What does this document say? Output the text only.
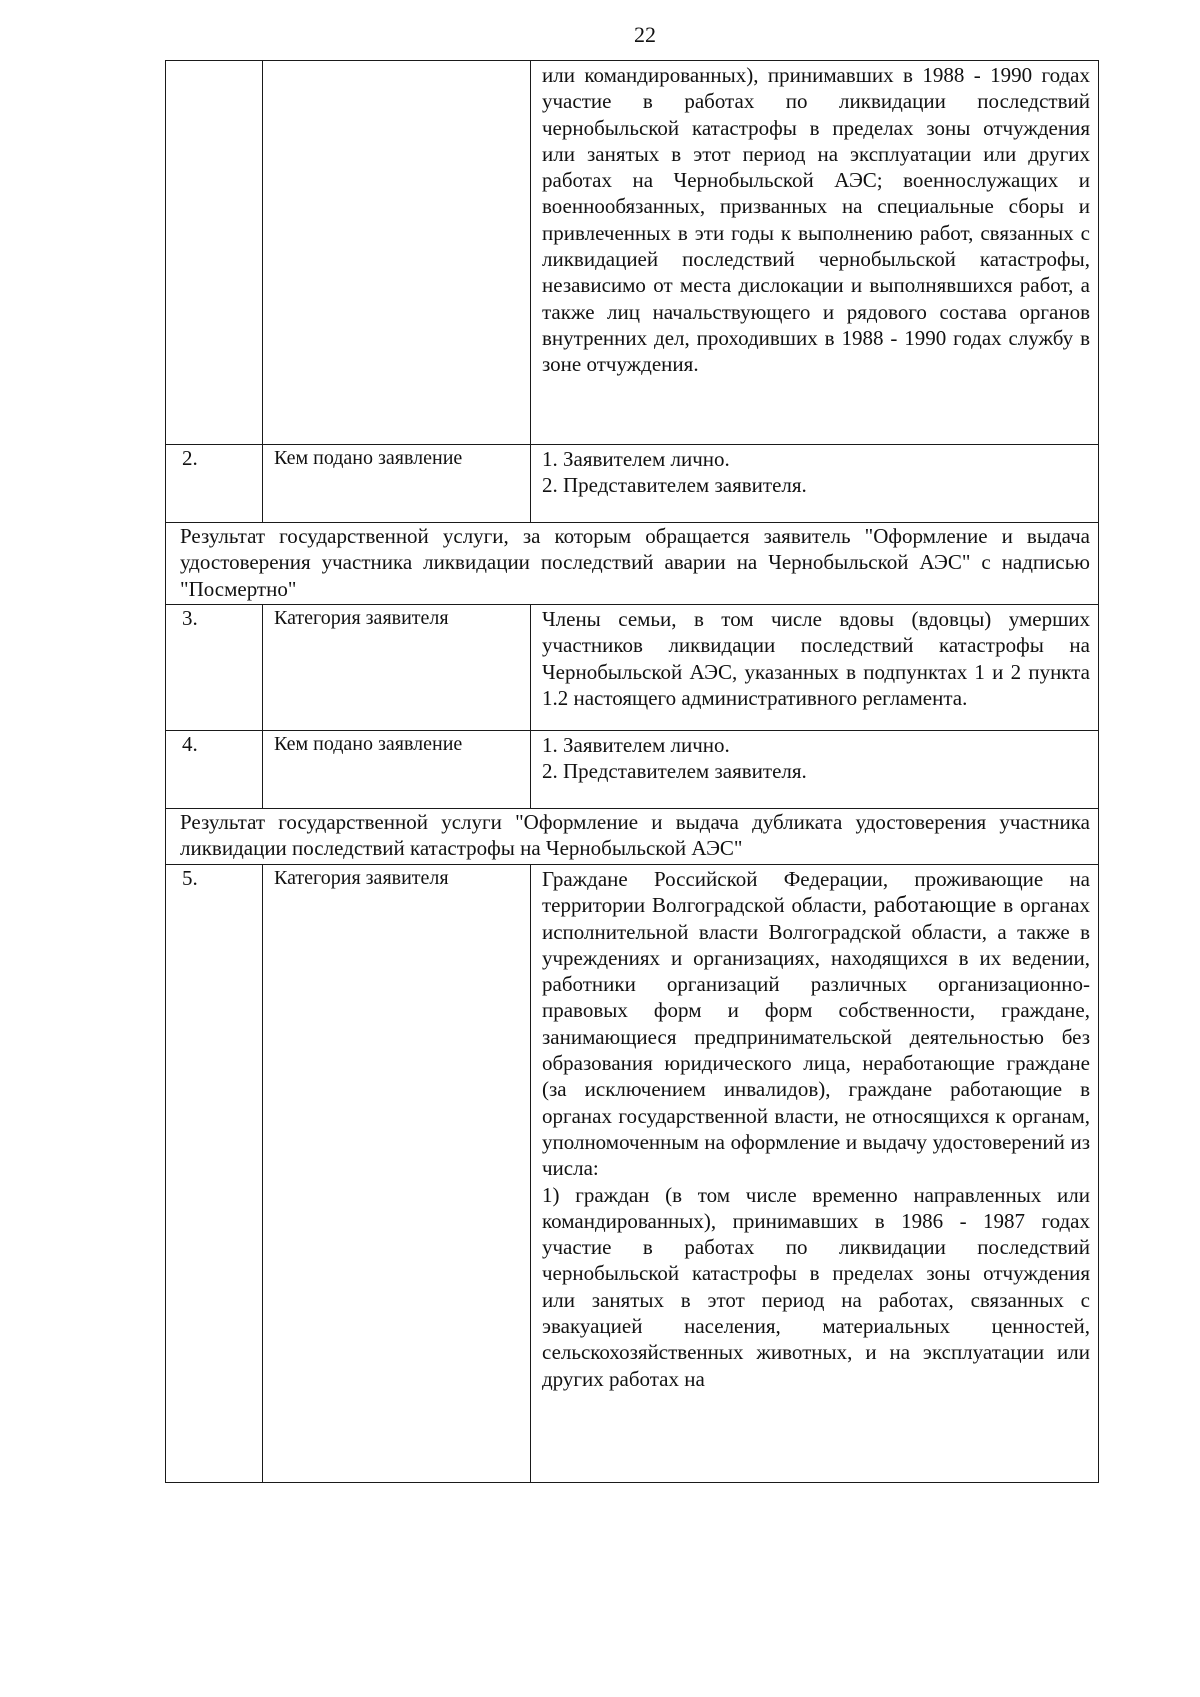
22
		или командированных), принимавших в 1988 - 1990 годах участие в работах по ликвидации последствий чернобыльской катастрофы в пределах зоны отчуждения или занятых в этот период на эксплуатации или других работах на Чернобыльской АЭС; военнослужащих и военнообязанных, призванных на специальные сборы и привлеченных в эти годы к выполнению работ, связанных с ликвидацией последствий чернобыльской катастрофы, независимо от места дислокации и выполнявшихся работ, а также лиц начальствующего и рядового состава органов внутренних дел, проходивших в 1988 - 1990 годах службу в зоне отчуждения.
2.	Кем подано заявление	1. Заявителем лично.
2. Представителем заявителя.

Результат государственной услуги, за которым обращается заявитель "Оформление и выдача удостоверения участника ликвидации последствий аварии на Чернобыльской АЭС" с надписью "Посмертно"		
3.	Категория заявителя	Члены семьи, в том числе вдовы (вдовцы) умерших участников ликвидации последствий катастрофы на Чернобыльской АЭС, указанных в подпунктах 1 и 2 пункта 1.2 настоящего административного регламента.
4.	Кем подано заявление	1. Заявителем лично.
2. Представителем заявителя.

Результат государственной услуги "Оформление и выдача дубликата удостоверения участника ликвидации последствий катастрофы на Чернобыльской АЭС"		
5.	Категория заявителя	Граждане Российской Федерации, проживающие на территории Волгоградской области, работающие в органах исполнительной власти Волгоградской области, а также в учреждениях и организациях, находящихся в их ведении, работники организаций различных организационно-правовых форм и форм собственности, граждане, занимающиеся предпринимательской деятельностью без образования юридического лица, неработающие граждане (за исключением инвалидов), граждане работающие в органах государственной власти, не относящихся к органам, уполномоченным на оформление и выдачу удостоверений из числа:
1) граждан (в том числе временно направленных или командированных), принимавших в 1986 - 1987 годах участие в работах по ликвидации последствий чернобыльской катастрофы в пределах зоны отчуждения или занятых в этот период на работах, связанных с эвакуацией населения, материальных ценностей, сельскохозяйственных животных, и на эксплуатации или других работах на
